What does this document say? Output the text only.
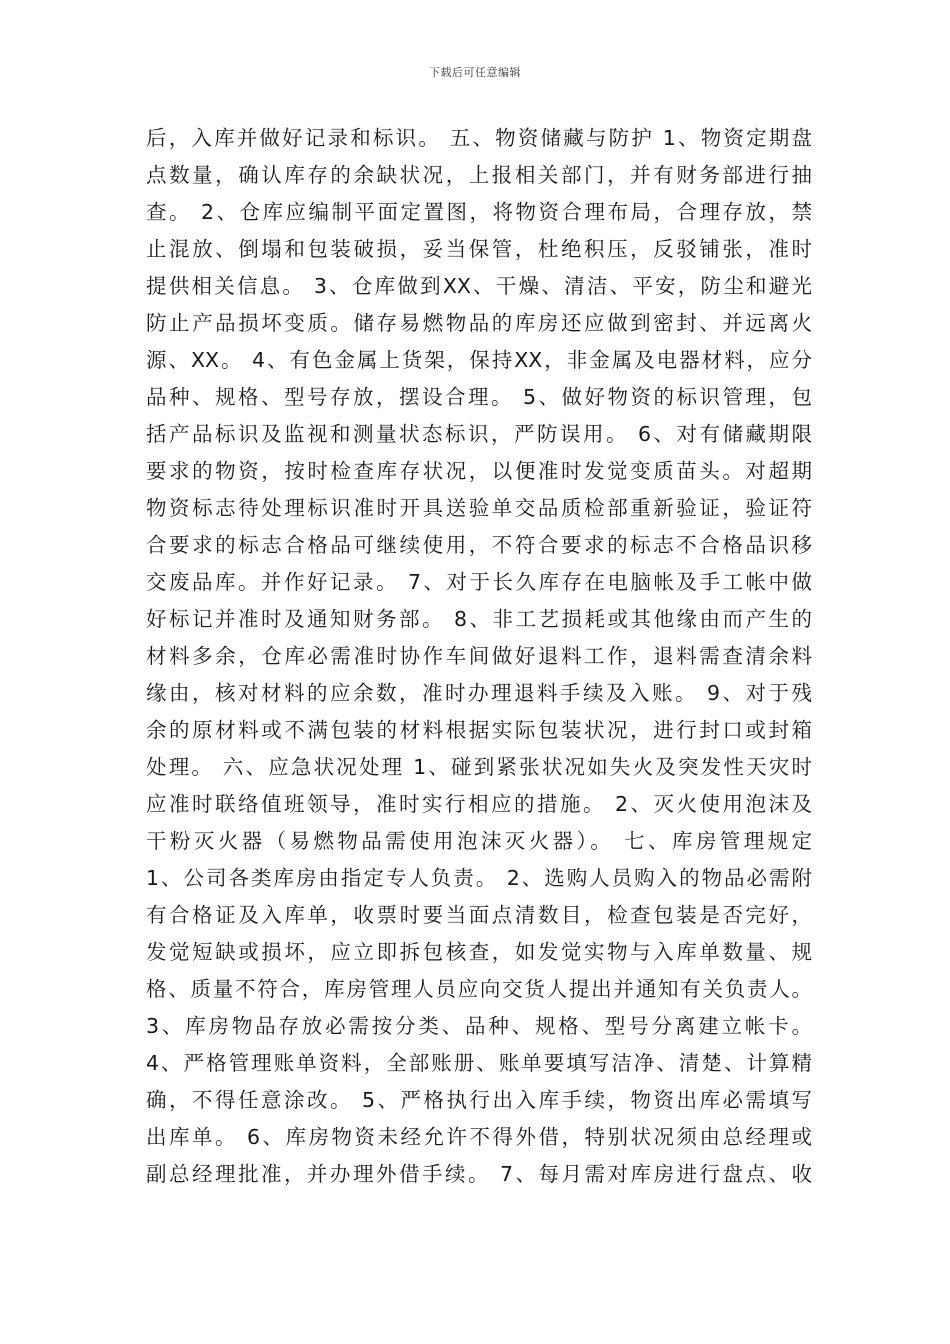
下载后可任意编辑
后，入库并做好记录和标识。 五、物资储藏与防护 1、物资定期盘
点数量，确认库存的余缺状况，上报相关部门，并有财务部进行抽
查。 2、仓库应编制平面定置图，将物资合理布局，合理存放，禁
止混放、倒塌和包装破损，妥当保管，杜绝积压，反驳铺张，准时
提供相关信息。 3、仓库做到XX、干燥、清洁、平安，防尘和避光
防止产品损坏变质。储存易燃物品的库房还应做到密封、并远离火
源、XX。 4、有色金属上货架，保持XX，非金属及电器材料，应分
品种、规格、型号存放，摆设合理。 5、做好物资的标识管理，包
括产品标识及监视和测量状态标识，严防误用。 6、对有储藏期限
要求的物资，按时检查库存状况，以便准时发觉变质苗头。对超期
物资标志待处理标识准时开具送验单交品质检部重新验证，验证符
合要求的标志合格品可继续使用，不符合要求的标志不合格品识移
交废品库。并作好记录。 7、对于长久库存在电脑帐及手工帐中做
好标记并准时及通知财务部。 8、非工艺损耗或其他缘由而产生的
材料多余，仓库必需准时协作车间做好退料工作，退料需查清余料
缘由，核对材料的应余数，准时办理退料手续及入账。 9、对于残
余的原材料或不满包装的材料根据实际包装状况，进行封口或封箱
处理。 六、应急状况处理 1、碰到紧张状况如失火及突发性天灾时
应准时联络值班领导，准时实行相应的措施。 2、灭火使用泡沫及
干粉灭火器（易燃物品需使用泡沫灭火器）。 七、库房管理规定
1、公司各类库房由指定专人负责。 2、选购人员购入的物品必需附
有合格证及入库单，收票时要当面点清数目，检查包装是否完好，
发觉短缺或损坏，应立即拆包核查，如发觉实物与入库单数量、规
格、质量不符合，库房管理人员应向交货人提出并通知有关负责人。
3、库房物品存放必需按分类、品种、规格、型号分离建立帐卡。
4、严格管理账单资料，全部账册、账单要填写洁净、清楚、计算精
确，不得任意涂改。 5、严格执行出入库手续，物资出库必需填写
出库单。 6、库房物资未经允许不得外借，特别状况须由总经理或
副总经理批准，并办理外借手续。 7、每月需对库房进行盘点、收
